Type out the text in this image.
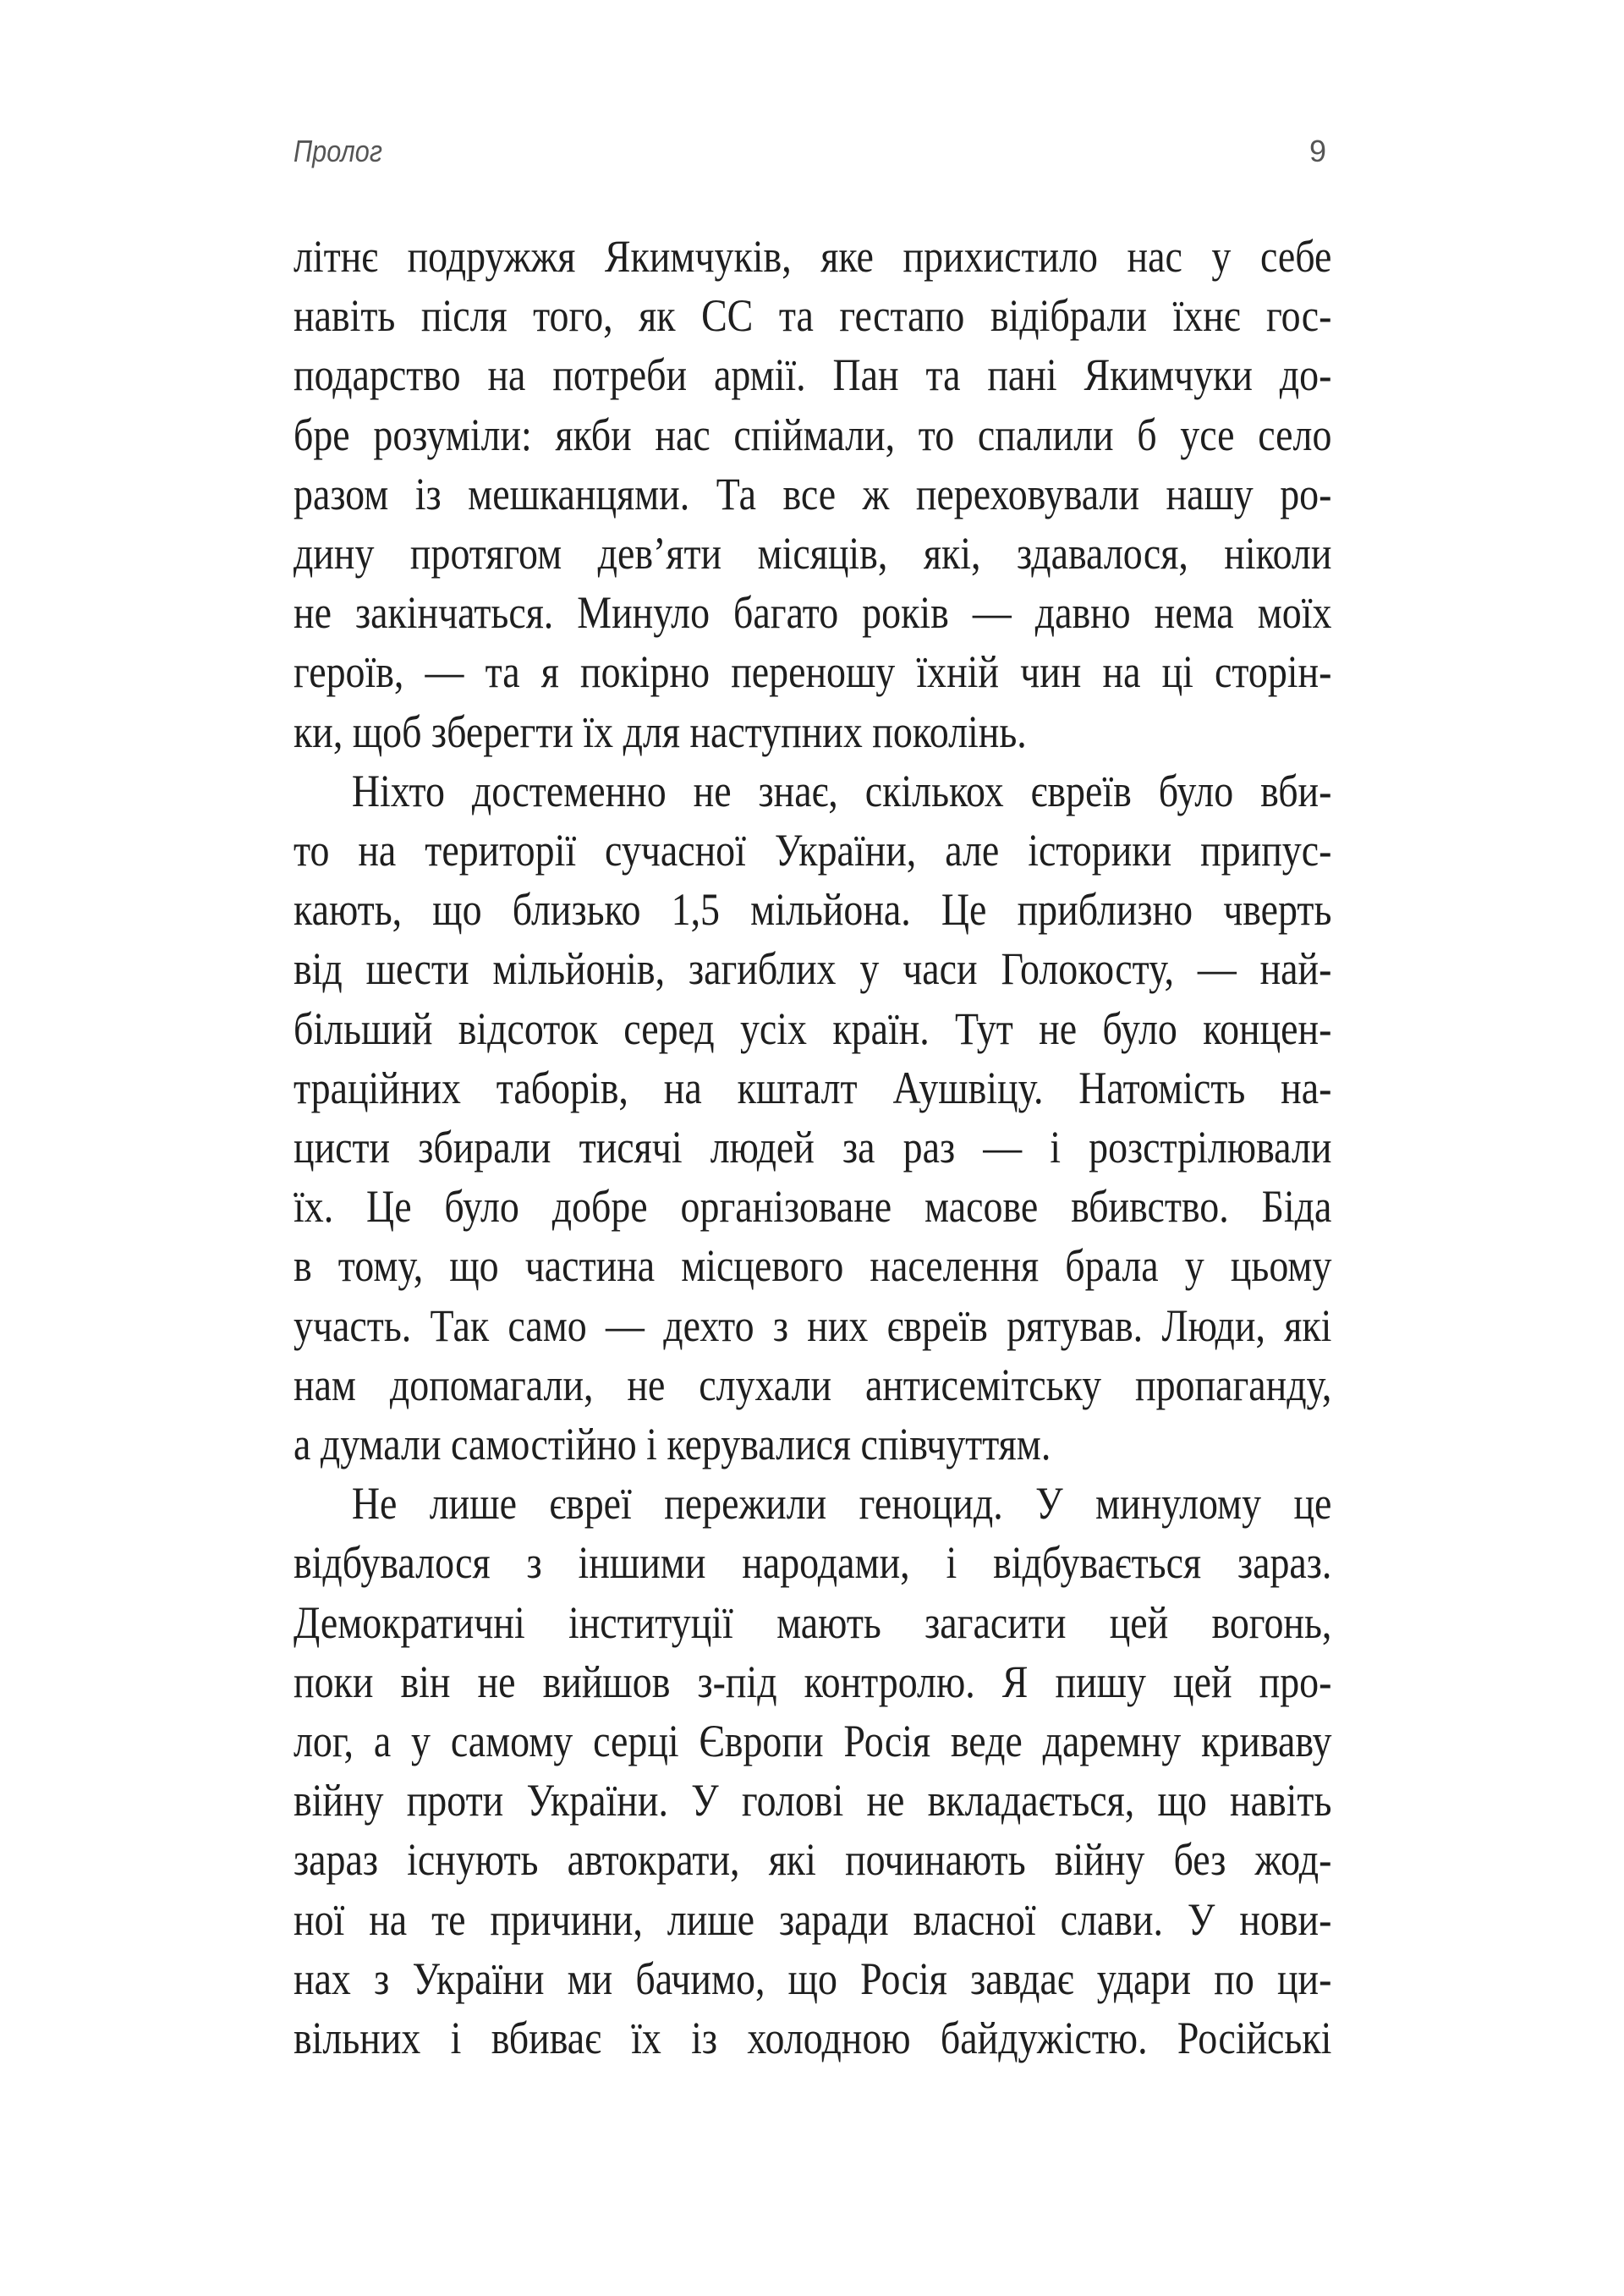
Пролог	9
літнє подружжя Якимчуків, яке прихистило нас у себе
навіть після того, як СС та гестапо відібрали їхнє гос-
подарство на потреби армії. Пан та пані Якимчуки до-
бре розуміли: якби нас спіймали, то спалили б усе село
разом із мешканцями. Та все ж переховували нашу ро-
дину протягом дев’яти місяців, які, здавалося, ніколи
не закінчаться. Минуло багато років — давно нема моїх
героїв, — та я покірно переношу їхній чин на ці сторін-
ки, щоб зберегти їх для наступних поколінь.
Ніхто достеменно не знає, скількох євреїв було вби-
то на території сучасної України, але історики припус-
кають, що близько 1,5 мільйона. Це приблизно чверть
від шести мільйонів, загиблих у часи Голокосту, — най-
більший відсоток серед усіх країн. Тут не було концен-
траційних таборів, на кшталт Аушвіцу. Натомість на-
цисти збирали тисячі людей за раз — і розстрілювали
їх. Це було добре організоване масове вбивство. Біда
в тому, що частина місцевого населення брала у цьому
участь. Так само — дехто з них євреїв рятував. Люди, які
нам допомагали, не слухали антисемітську пропаганду,
а думали самостійно і керувалися співчуттям.
Не лише євреї пережили геноцид. У минулому це
відбувалося з іншими народами, і відбувається зараз.
Демократичні інституції мають загасити цей вогонь,
поки він не вийшов з-під контролю. Я пишу цей про-
лог, а у самому серці Європи Росія веде даремну криваву
війну проти України. У голові не вкладається, що навіть
зараз існують автократи, які починають війну без жод-
ної на те причини, лише заради власної слави. У нови-
нах з України ми бачимо, що Росія завдає удари по ци-
вільних і вбиває їх із холодною байдужістю. Російські
